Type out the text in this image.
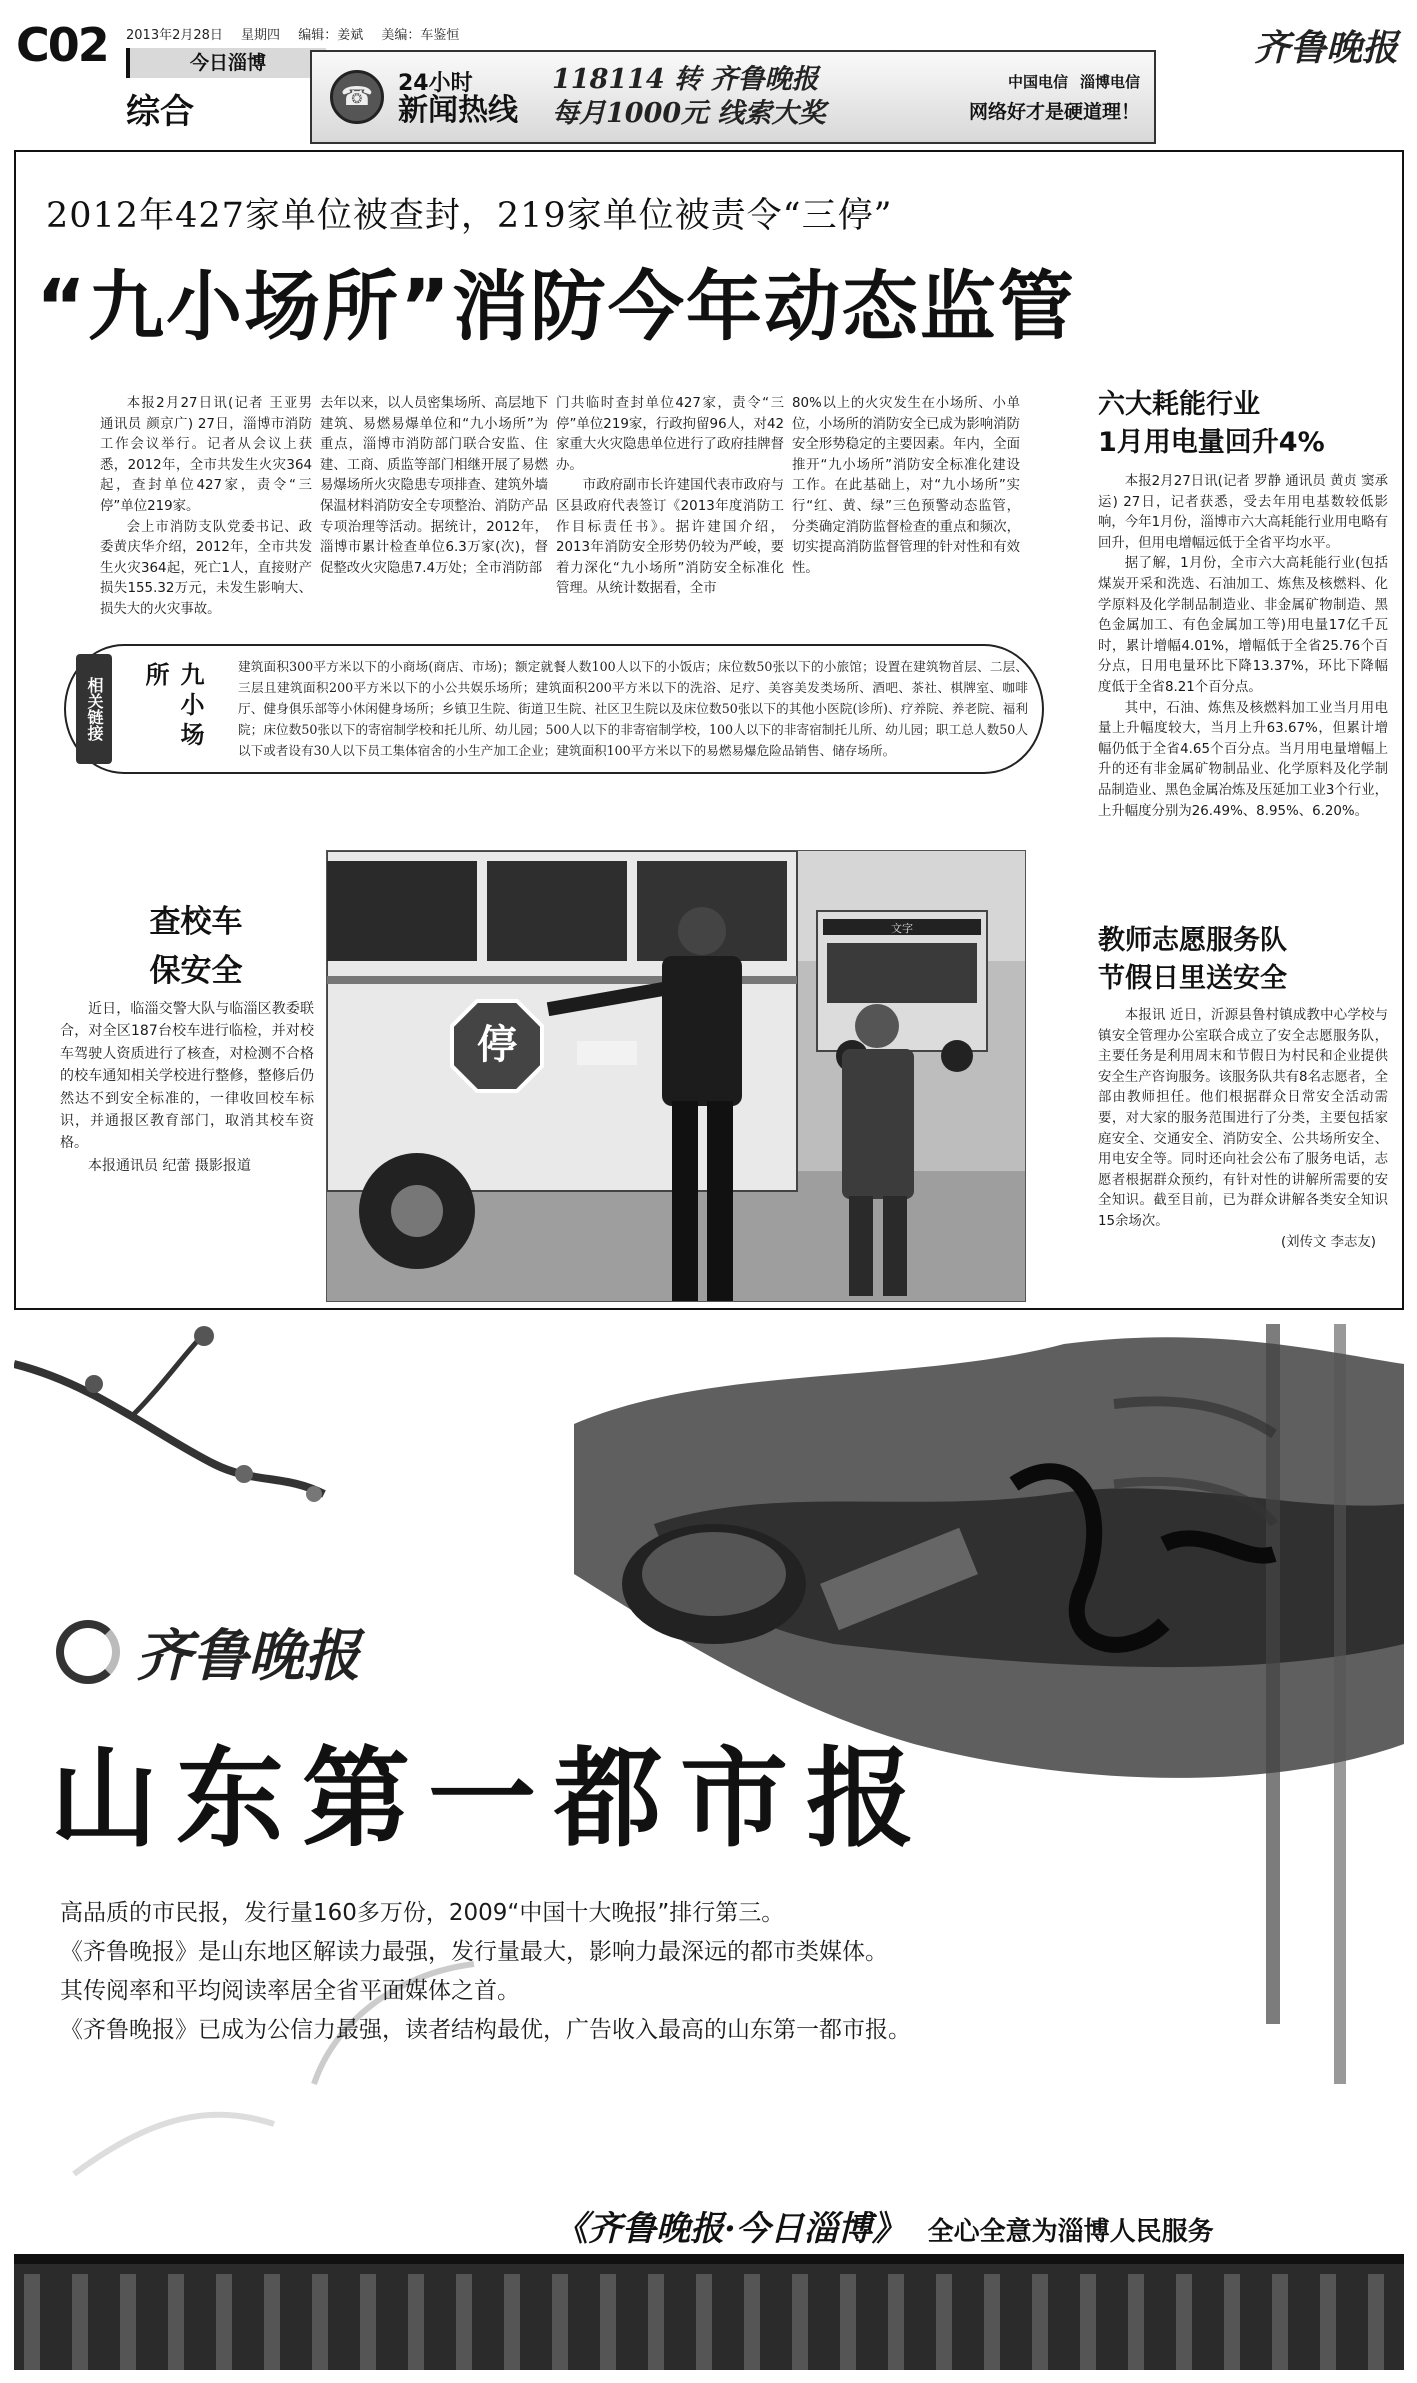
C02 2013年2月28日 星期四 编辑：姜斌 美编：车鉴恒
今日淄博
综合	☎	24小时
新闻热线
118114 转 齐鲁晚报
每月1000元 线索大奖
中国电信 淄博电信
网络好才是硬道理！
齐鲁晚报
2012年427家单位被查封，219家单位被责令“三停”
“九小场所”消防今年动态监管

本报2月27日讯(记者 王亚男 通讯员 颜京广) 27日，淄博市消防工作会议举行。记者从会议上获悉，2012年，全市共发生火灾364起，查封单位427家，责令“三停”单位219家。

会上市消防支队党委书记、政委黄庆华介绍，2012年，全市共发生火灾364起，死亡1人，直接财产损失155.32万元，未发生影响大、损失大的火灾事故。

去年以来，以人员密集场所、高层地下建筑、易燃易爆单位和“九小场所”为重点，淄博市消防部门联合安监、住建、工商、质监等部门相继开展了易燃易爆场所火灾隐患专项排查、建筑外墙保温材料消防安全专项整治、消防产品专项治理等活动。据统计，2012年，淄博市累计检查单位6.3万家(次)，督促整改火灾隐患7.4万处；全市消防部

门共临时查封单位427家，责令“三停”单位219家，行政拘留96人，对42家重大火灾隐患单位进行了政府挂牌督办。

市政府副市长许建国代表市政府与区县政府代表签订《2013年度消防工作目标责任书》。据许建国介绍，2013年消防安全形势仍较为严峻，要着力深化“九小场所”消防安全标准化管理。从统计数据看，全市

80%以上的火灾发生在小场所、小单位，小场所的消防安全已成为影响消防安全形势稳定的主要因素。年内，全面推开“九小场所”消防安全标准化建设工作。在此基础上，对“九小场所”实行“红、黄、绿”三色预警动态监管，分类确定消防监督检查的重点和频次，切实提高消防监督管理的针对性和有效性。

六大耗能行业
1月用电量回升4%

本报2月27日讯(记者 罗静 通讯员 黄贞 窦承运) 27日，记者获悉，受去年用电基数较低影响，今年1月份，淄博市六大高耗能行业用电略有回升，但用电增幅远低于全省平均水平。

据了解，1月份，全市六大高耗能行业(包括煤炭开采和洗选、石油加工、炼焦及核燃料、化学原料及化学制品制造业、非金属矿物制造、黑色金属加工、有色金属加工等)用电量17亿千瓦时，累计增幅4.01%，增幅低于全省25.76个百分点，日用电量环比下降13.37%，环比下降幅度低于全省8.21个百分点。

其中，石油、炼焦及核燃料加工业当月用电量上升幅度较大，当月上升63.67%，但累计增幅仍低于全省4.65个百分点。当月用电量增幅上升的还有非金属矿物制品业、化学原料及化学制品制造业、黑色金属冶炼及压延加工业3个行业，上升幅度分别为26.49%、8.95%、6.20%。

教师志愿服务队
节假日里送安全

本报讯 近日，沂源县鲁村镇成教中心学校与镇安全管理办公室联合成立了安全志愿服务队，主要任务是利用周末和节假日为村民和企业提供安全生产咨询服务。该服务队共有8名志愿者，全部由教师担任。他们根据群众日常安全活动需要，对大家的服务范围进行了分类，主要包括家庭安全、交通安全、消防安全、公共场所安全、用电安全等。同时还向社会公布了服务电话，志愿者根据群众预约，有针对性的讲解所需要的安全知识。截至目前，已为群众讲解各类安全知识15余场次。

(刘传文 李志友)
相关链接	九小场所	建筑面积300平方米以下的小商场(商店、市场)；额定就餐人数100人以下的小饭店；床位数50张以下的小旅馆；设置在建筑物首层、二层、三层且建筑面积200平方米以下的小公共娱乐场所；建筑面积200平方米以下的洗浴、足疗、美容美发类场所、酒吧、茶社、棋牌室、咖啡厅、健身俱乐部等小休闲健身场所；乡镇卫生院、街道卫生院、社区卫生院以及床位数50张以下的其他小医院(诊所)、疗养院、养老院、福利院；床位数50张以下的寄宿制学校和托儿所、幼儿园；500人以下的非寄宿制学校，100人以下的非寄宿制托儿所、幼儿园；职工总人数50人以下或者设有30人以下员工集体宿舍的小生产加工企业；建筑面积100平方米以下的易燃易爆危险品销售、储存场所。
查校车
保安全

近日，临淄交警大队与临淄区教委联合，对全区187台校车进行临检，并对校车驾驶人资质进行了核查，对检测不合格的校车通知相关学校进行整修，整修后仍然达不到安全标准的，一律收回校车标识，并通报区教育部门，取消其校车资格。

本报通讯员 纪蕾 摄影报道

停
文字
齐鲁晚报
山东第一都市报
高品质的市民报，发行量160多万份，2009“中国十大晚报”排行第三。
《齐鲁晚报》是山东地区解读力最强，发行量最大，影响力最深远的都市类媒体。
其传阅率和平均阅读率居全省平面媒体之首。
《齐鲁晚报》已成为公信力最强，读者结构最优，广告收入最高的山东第一都市报。
《齐鲁晚报·今日淄博》 全心全意为淄博人民服务
